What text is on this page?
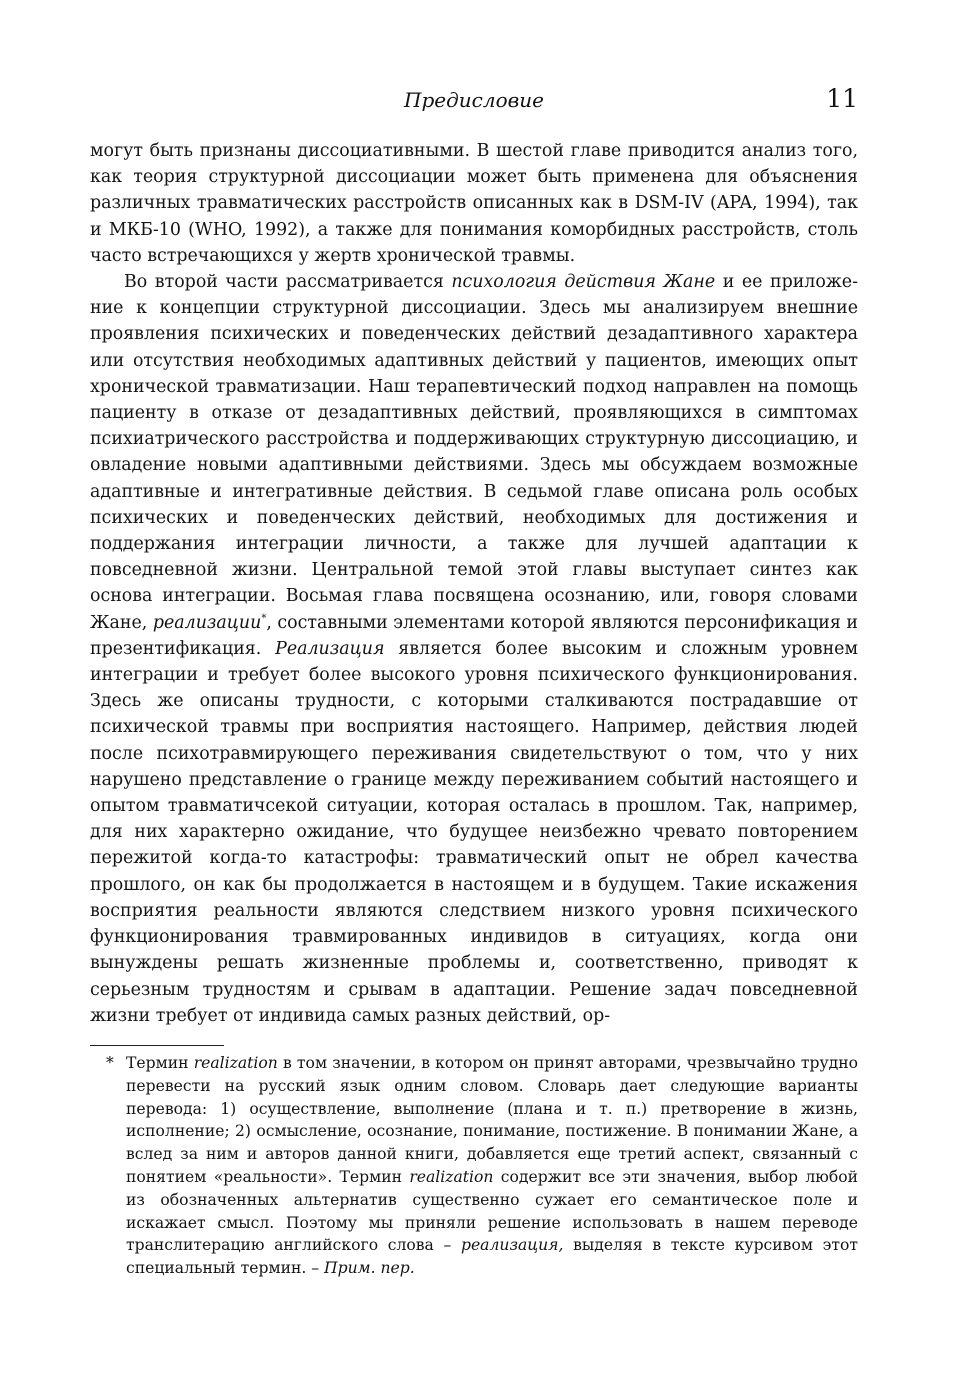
Предисловие	11

могут быть признаны диссоциативными. В шестой главе приводится анализ того, как теория структурной диссоциации может быть применена для объяснения различных травматических расстройств описанных как в DSM-IV (APA, 1994), так и МКБ-10 (WHO, 1992), а также для понимания коморбидных расстройств, столь часто встречающихся у жертв хронической травмы.

Во второй части рассматривается психология действия Жане и ее приложение к концепции структурной диссоциации. Здесь мы анализируем внешние проявления психических и поведенческих действий дезадаптивного характера или отсутствия необходимых адаптивных действий у пациентов, имеющих опыт хронической травматизации. Наш терапевтический подход направлен на помощь пациенту в отказе от дезадаптивных действий, проявляющихся в симптомах психиатрического расстройства и поддерживающих структурную диссоциацию, и овладение новыми адаптивными действиями. Здесь мы обсуждаем возможные адаптивные и интегративные действия. В седьмой главе описана роль особых психических и поведенческих действий, необходимых для достижения и поддержания интеграции личности, а также для лучшей адаптации к повседневной жизни. Центральной темой этой главы выступает синтез как основа интеграции. Восьмая глава посвящена осознанию, или, говоря словами Жане, реализации*, составными элементами которой являются персонификация и презентификация. Реализация является более высоким и сложным уровнем интеграции и требует более высокого уровня психического функционирования. Здесь же описаны трудности, с которыми сталкиваются пострадавшие от психической травмы при восприятия настоящего. Например, действия людей после психотравмирующего переживания свидетельствуют о том, что у них нарушено представление о границе между переживанием событий настоящего и опытом травматичсекой ситуации, которая осталась в прошлом. Так, например, для них характерно ожидание, что будущее неизбежно чревато повторением пережитой когда-то катастрофы: травматический опыт не обрел качества прошлого, он как бы продолжается в настоящем и в будущем. Такие искажения восприятия реальности являются следствием низкого уровня психического функционирования травмированных индивидов в ситуациях, когда они вынуждены решать жизненные проблемы и, соответственно, приводят к серьезным трудностям и срывам в адаптации. Решение задач повседневной жизни требует от индивида самых разных действий, ор-

* Термин realization в том значении, в котором он принят авторами, чрезвычайно трудно перевести на русский язык одним словом. Словарь дает следующие варианты перевода: 1) осуществление, выполнение (плана и т. п.) претворение в жизнь, исполнение; 2) осмысление, осознание, понимание, постижение. В понимании Жане, а вслед за ним и авторов данной книги, добавляется еще третий аспект, связанный с понятием «реальности». Термин realization содержит все эти значения, выбор любой из обозначенных альтернатив существенно сужает его семантическое поле и искажает смысл. Поэтому мы приняли решение использовать в нашем переводе транслитерацию английского слова – реализация, выделяя в тексте курсивом этот специальный термин. – Прим. пер.
